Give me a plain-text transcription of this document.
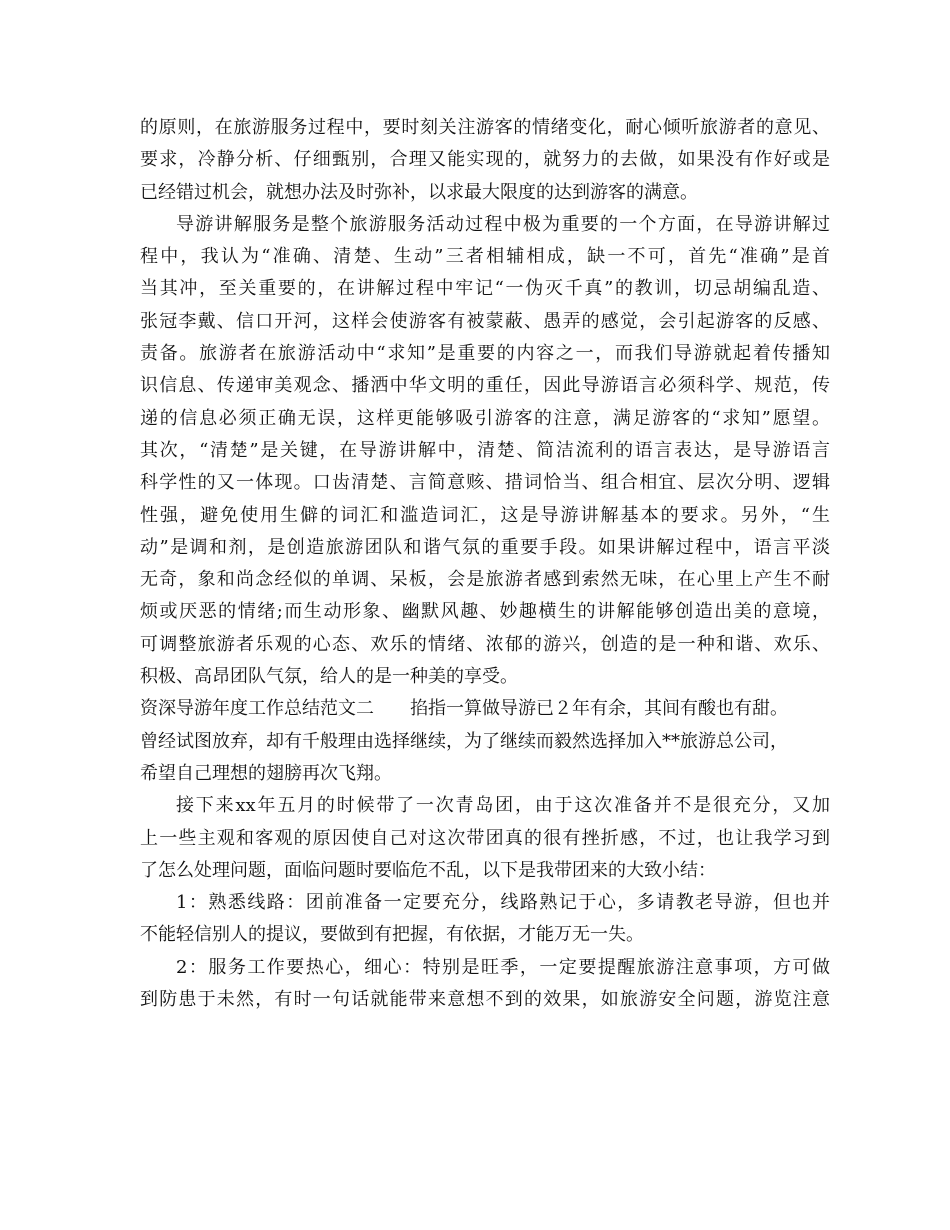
的原则，在旅游服务过程中，要时刻关注游客的情绪变化，耐心倾听旅游者的意见、
要求，冷静分析、仔细甄别，合理又能实现的，就努力的去做，如果没有作好或是
已经错过机会，就想办法及时弥补，以求最大限度的达到游客的满意。
导游讲解服务是整个旅游服务活动过程中极为重要的一个方面，在导游讲解过
程中，我认为“准确、清楚、生动”三者相辅相成，缺一不可，首先“准确”是首
当其冲，至关重要的，在讲解过程中牢记“一伪灭千真”的教训，切忌胡编乱造、
张冠李戴、信口开河，这样会使游客有被蒙蔽、愚弄的感觉，会引起游客的反感、
责备。旅游者在旅游活动中“求知”是重要的内容之一，而我们导游就起着传播知
识信息、传递审美观念、播洒中华文明的重任，因此导游语言必须科学、规范，传
递的信息必须正确无误，这样更能够吸引游客的注意，满足游客的“求知”愿望。
其次，“清楚”是关键，在导游讲解中，清楚、简洁流利的语言表达，是导游语言
科学性的又一体现。口齿清楚、言简意赅、措词恰当、组合相宜、层次分明、逻辑
性强，避免使用生僻的词汇和滥造词汇，这是导游讲解基本的要求。另外，“生
动”是调和剂，是创造旅游团队和谐气氛的重要手段。如果讲解过程中，语言平淡
无奇，象和尚念经似的单调、呆板，会是旅游者感到索然无味，在心里上产生不耐
烦或厌恶的情绪;而生动形象、幽默风趣、妙趣横生的讲解能够创造出美的意境，
可调整旅游者乐观的心态、欢乐的情绪、浓郁的游兴，创造的是一种和谐、欢乐、
积极、高昂团队气氛，给人的是一种美的享受。
资深导游年度工作总结范文二　　掐指一算做导游已２年有余，其间有酸也有甜。
曾经试图放弃，却有千般理由选择继续，为了继续而毅然选择加入**旅游总公司，
希望自己理想的翅膀再次飞翔。
接下来xx年五月的时候带了一次青岛团，由于这次准备并不是很充分，又加
上一些主观和客观的原因使自己对这次带团真的很有挫折感，不过，也让我学习到
了怎么处理问题，面临问题时要临危不乱，以下是我带团来的大致小结：
1：熟悉线路：团前准备一定要充分，线路熟记于心，多请教老导游，但也并
不能轻信别人的提议，要做到有把握，有依据，才能万无一失。
2：服务工作要热心，细心：特别是旺季，一定要提醒旅游注意事项，方可做
到防患于未然，有时一句话就能带来意想不到的效果，如旅游安全问题，游览注意
